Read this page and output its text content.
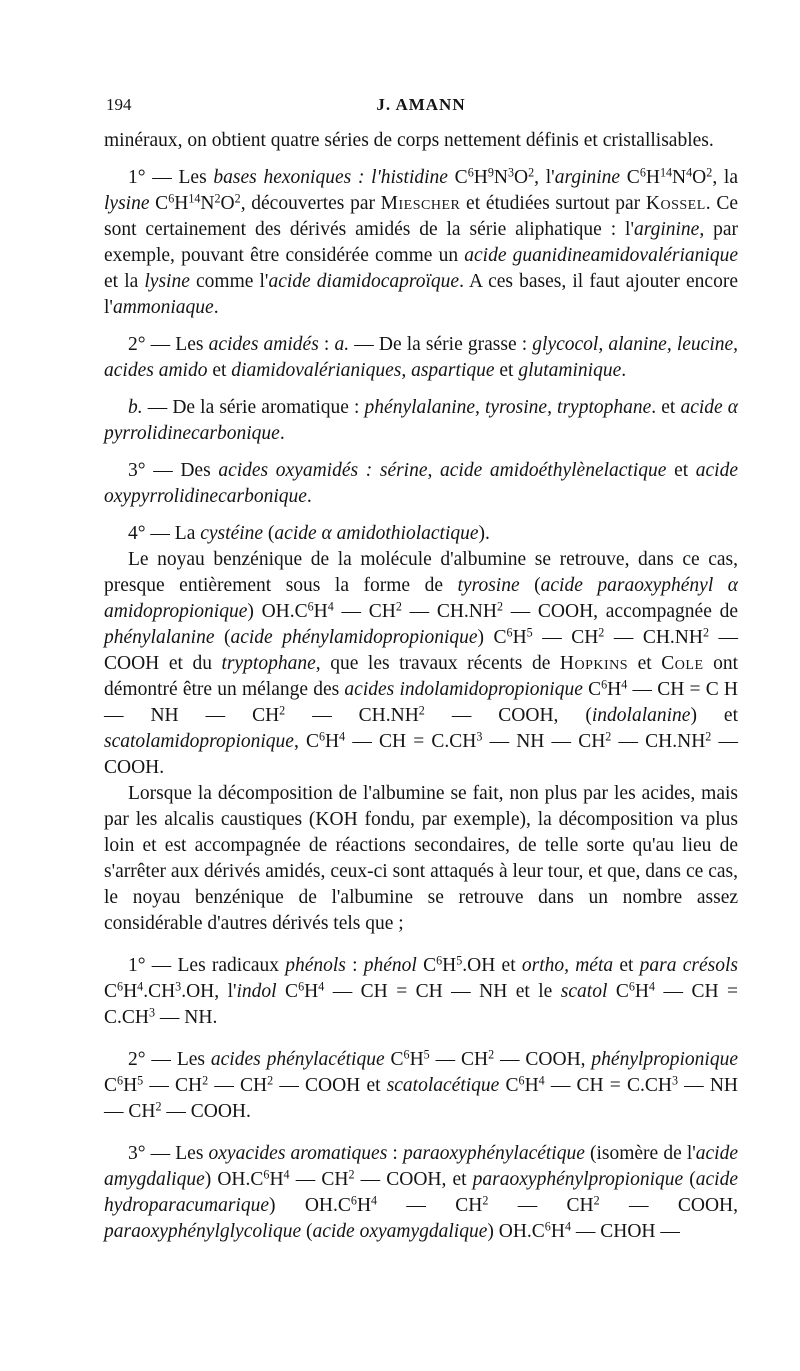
194	J. AMANN

minéraux, on obtient quatre séries de corps nettement définis et cristallisables.

1° — Les bases hexoniques : l'histidine $C^6H^9N^3O^2$, l'arginine $C^6H^{14}N^4O^2$, la lysine $C^6H^{14}N^2O^2$, découvertes par Miescher et étudiées surtout par Kossel. Ce sont certainement des dérivés amidés de la série aliphatique : l'arginine, par exemple, pouvant être considérée comme un acide guanidineamidovalérianique et la lysine comme l'acide diamidocaproïque. A ces bases, il faut ajouter encore l'ammoniaque.

2° — Les acides amidés : a. — De la série grasse : glycocol, alanine, leucine, acides amido et diamidovalérianiques, aspartique et glutaminique.

b. — De la série aromatique : phénylalanine, tyrosine, tryptophane. et acide α pyrrolidinecarbonique.

3° — Des acides oxyamidés : sérine, acide amidoéthylènelactique et acide oxypyrrolidinecarbonique.

4° — La cystéine (acide α amidothiolactique).

Le noyau benzénique de la molécule d'albumine se retrouve, dans ce cas, presque entièrement sous la forme de tyrosine (acide paraoxyphényl α amidopropionique) $OH.C^6H^4$ — $CH^2$ — $CH.NH^2$ — COOH, accompagnée de phénylalanine (acide phénylamidopropionique) $C^6H^5$ — $CH^2$ — $CH.NH^2$ — COOH et du tryptophane, que les travaux récents de Hopkins et Cole ont démontré être un mélange des acides indolamidopropionique $C^6H^4$ — CH = C H — NH — $CH^2$ — $CH.NH^2$ — COOH, (indolalanine) et scatolamidopropionique, $C^6H^4$ — CH = $C.CH^3$ — NH — $CH^2$ — $CH.NH^2$ — COOH.

Lorsque la décomposition de l'albumine se fait, non plus par les acides, mais par les alcalis caustiques (KOH fondu, par exemple), la décomposition va plus loin et est accompagnée de réactions secondaires, de telle sorte qu'au lieu de s'arrêter aux dérivés amidés, ceux-ci sont attaqués à leur tour, et que, dans ce cas, le noyau benzénique de l'albumine se retrouve dans un nombre assez considérable d'autres dérivés tels que ;

1° — Les radicaux phénols : phénol $C^6H^5.OH$ et ortho, méta et para crésols $C^6H^4.CH^3.OH$, l'indol $C^6H^4$ — CH = CH — NH et le scatol $C^6H^4$ — CH = $C.CH^3$ — NH.

2° — Les acides phénylacétique $C^6H^5$ — $CH^2$ — COOH, phénylpropionique $C^6H^5$ — $CH^2$ — $CH^2$ — COOH et scatolacétique $C^6H^4$ — CH = $C.CH^3$ — NH — $CH^2$ — COOH.

3° — Les oxyacides aromatiques : paraoxyphénylacétique (isomère de l'acide amygdalique) $OH.C^6H^4$ — $CH^2$ — COOH, et paraoxyphénylpropionique (acide hydroparacumarique) $OH.C^6H^4$ — $CH^2$ — $CH^2$ — COOH, paraoxyphénylglycolique (acide oxyamygdalique) $OH.C^6H^4$ — CHOH —
